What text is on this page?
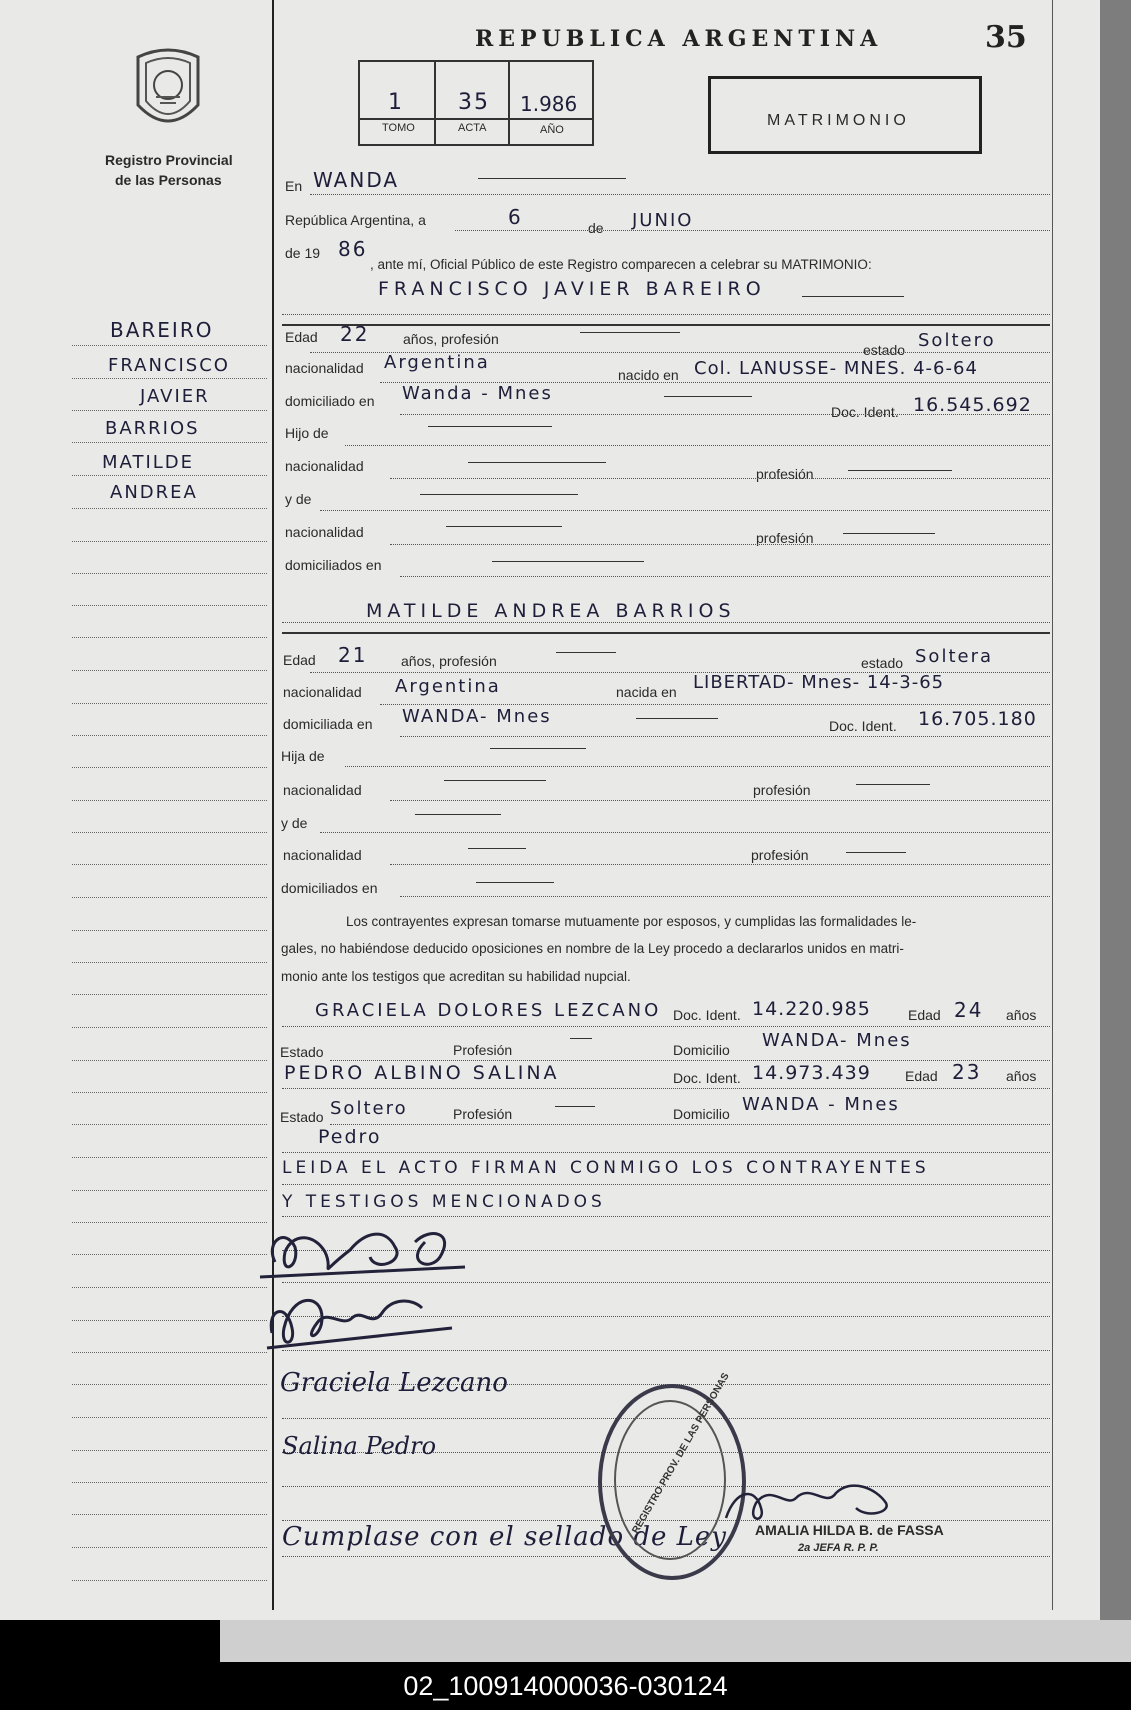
REPUBLICA ARGENTINA	35
Registro Provincial
de las Personas
1 35 1.986
TOMO	ACTA	AÑO
MATRIMONIO
En WANDA
República Argentina, a	6	de JUNIO
de 19 86
, ante mí, Oficial Público de este Registro comparecen a celebrar su MATRIMONIO:
FRANCISCO JAVIER BAREIRO
Edad 22 años, profesión
estado Soltero
nacionalidad Argentina
nacido en Col. LANUSSE- MNES. 4-6-64
domiciliado en Wanda - Mnes
Doc. Ident. 16.545.692
Hijo de
nacionalidad	profesión
y de
nacionalidad	profesión
domiciliados en
MATILDE ANDREA BARRIOS
Edad 21 años, profesión	estado Soltera
nacionalidad Argentina	nacida en LIBERTAD- Mnes- 14-3-65
domiciliada en WANDA- Mnes	Doc. Ident. 16.705.180
Hija de
nacionalidad	profesión
y de
nacionalidad	profesión
domiciliados en
Los contrayentes expresan tomarse mutuamente por esposos, y cumplidas las formalidades le-
gales, no habiéndose deducido oposiciones en nombre de la Ley procedo a declararlos unidos en matri-
monio ante los testigos que acreditan su habilidad nupcial.
GRACIELA DOLORES LEZCANO Doc. Ident. 14.220.985	Edad 24 años
Estado	Profesión	Domicilio WANDA- Mnes
PEDRO ALBINO SALINA	Doc. Ident. 14.973.439 Edad 23 años
Estado Soltero	Profesión	Domicilio WANDA - Mnes
Pedro
LEIDA EL ACTO FIRMAN CONMIGO LOS CONTRAYENTES
Y TESTIGOS MENCIONADOS
Graciela Lezcano
Salina Pedro
Cumplase con el sellado de Ley
REGISTRO PROV. DE LAS PERSONAS AMALIA HILDA B. de FASSA
2a JEFA R. P. P.
BAREIRO
FRANCISCO
JAVIER
BARRIOS
MATILDE
ANDREA
02_100914000036-030124
